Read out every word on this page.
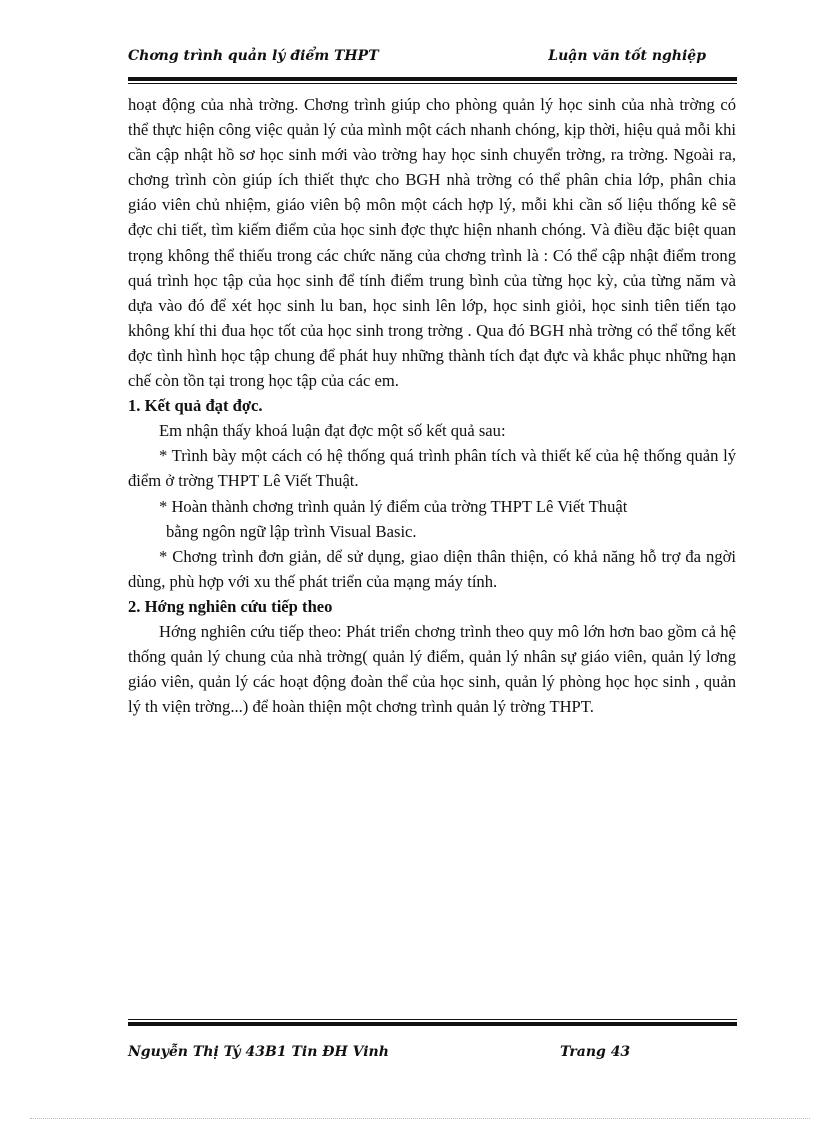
Chơng trình quản lý điểm THPT	Luận văn tốt nghiệp

hoạt động của nhà trờng. Chơng trình giúp cho phòng quản lý học sinh của nhà trờng có thể thực hiện công việc quản lý của mình một cách nhanh chóng, kịp thời, hiệu quả mỗi khi cần cập nhật hồ sơ học sinh mới vào trờng hay học sinh chuyển trờng, ra trờng. Ngoài ra, chơng trình còn giúp ích thiết thực cho BGH nhà trờng có thể phân chia lớp, phân chia giáo viên chủ nhiệm, giáo viên bộ môn một cách hợp lý, mỗi khi cần số liệu thống kê sẽ đợc chi tiết, tìm kiếm điểm của học sinh đợc thực hiện nhanh chóng. Và điều đặc biệt quan trọng không thể thiếu trong các chức năng của chơng trình là : Có thể cập nhật điểm trong quá trình học tập của học sinh để tính điểm trung bình của từng học kỳ, của từng năm và dựa vào đó để xét học sinh lu ban, học sinh lên lớp, học sinh giỏi, học sinh tiên tiến tạo không khí thi đua học tốt của học sinh trong trờng . Qua đó BGH nhà trờng có thể tổng kết đợc tình hình học tập chung để phát huy những thành tích đạt đực và khắc phục những hạn chế còn tồn tại trong học tập của các em.

1. Kết quả đạt đợc.

Em nhận thấy khoá luận đạt đợc một số kết quả sau:

* Trình bày một cách có hệ thống quá trình phân tích và thiết kế của hệ thống quản lý điểm ở trờng THPT Lê Viết Thuật.

* Hoàn thành chơng trình quản lý điểm của trờng THPT Lê Viết Thuật

bằng ngôn ngữ lập trình Visual Basic.

* Chơng trình đơn giản, dể sử dụng, giao diện thân thiện, có khả năng hỗ trợ đa ngời dùng, phù hợp với xu thế phát triển của mạng máy tính.

2. Hớng nghiên cứu tiếp theo

Hớng nghiên cứu tiếp theo: Phát triển chơng trình theo quy mô lớn hơn bao gồm cả hệ thống quản lý chung của nhà trờng( quản lý điểm, quản lý nhân sự giáo viên, quản lý lơng giáo viên, quản lý các hoạt động đoàn thể của học sinh, quản lý phòng học học sinh , quản lý th viện trờng...) để hoàn thiện một chơng trình quản lý trờng THPT.

Nguyễn Thị Tý 43B1 Tin ĐH Vinh	Trang 43
